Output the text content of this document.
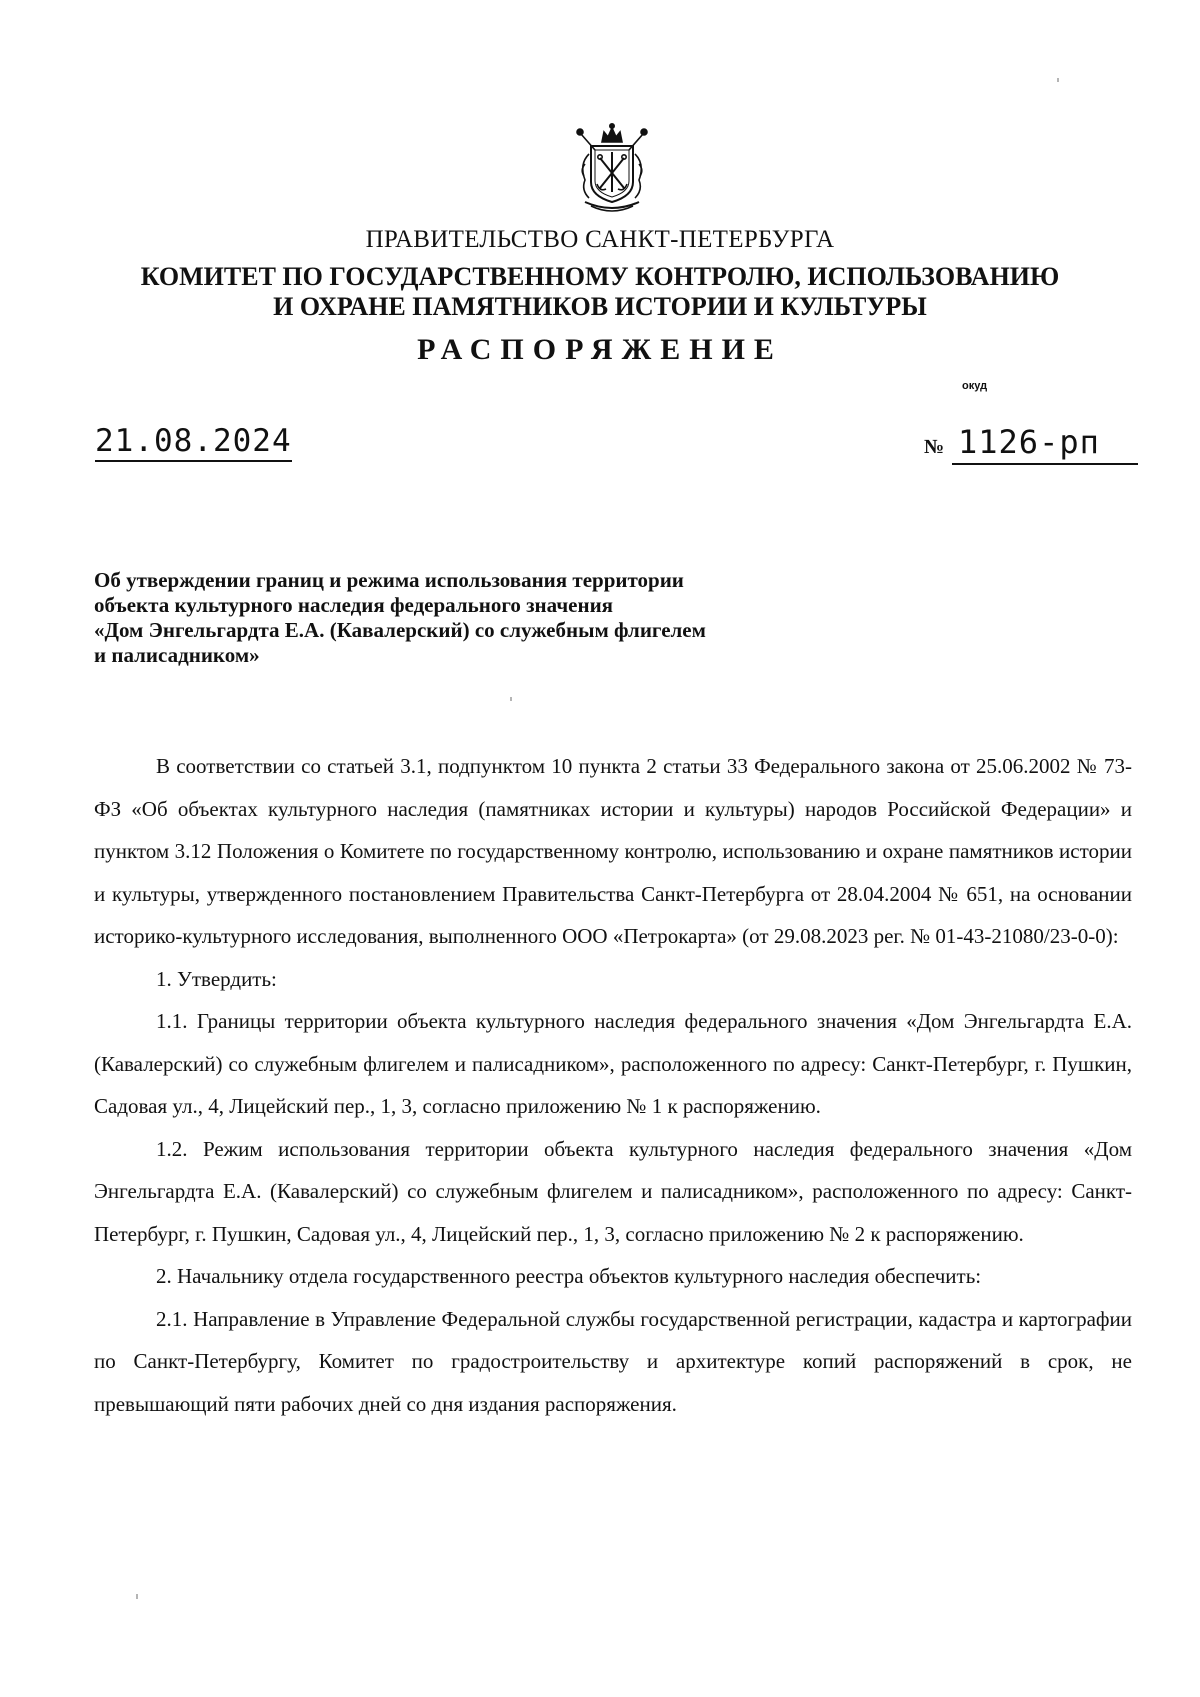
ПРАВИТЕЛЬСТВО САНКТ-ПЕТЕРБУРГА
КОМИТЕТ ПО ГОСУДАРСТВЕННОМУ КОНТРОЛЮ, ИСПОЛЬЗОВАНИЮ
И ОХРАНЕ ПАМЯТНИКОВ ИСТОРИИ И КУЛЬТУРЫ
РАСПОРЯЖЕНИЕ
окуд
21.08.2024	№ 1126-рп
Об утверждении границ и режима использования территории
объекта культурного наследия федерального значения
«Дом Энгельгардта Е.А. (Кавалерский) со служебным флигелем
и палисадником»

В соответствии со статьей 3.1, подпунктом 10 пункта 2 статьи 33 Федерального закона от 25.06.2002 № 73-ФЗ «Об объектах культурного наследия (памятниках истории и культуры) народов Российской Федерации» и пунктом 3.12 Положения о Комитете по государственному контролю, использованию и охране памятников истории и культуры, утвержденного постановлением Правительства Санкт-Петербурга от 28.04.2004 № 651, на основании историко-культурного исследования, выполненного ООО «Петрокарта» (от 29.08.2023 рег. № 01-43-21080/23-0-0):

1. Утвердить:

1.1. Границы территории объекта культурного наследия федерального значения «Дом Энгельгардта Е.А. (Кавалерский) со служебным флигелем и палисадником», расположенного по адресу: Санкт-Петербург, г. Пушкин, Садовая ул., 4, Лицейский пер., 1, 3, согласно приложению № 1 к распоряжению.

1.2. Режим использования территории объекта культурного наследия федерального значения «Дом Энгельгардта Е.А. (Кавалерский) со служебным флигелем и палисадником», расположенного по адресу: Санкт-Петербург, г. Пушкин, Садовая ул., 4, Лицейский пер., 1, 3, согласно приложению № 2 к распоряжению.

2. Начальнику отдела государственного реестра объектов культурного наследия обеспечить:

2.1. Направление в Управление Федеральной службы государственной регистрации, кадастра и картографии по Санкт-Петербургу, Комитет по градостроительству и архитектуре копий распоряжений в срок, не превышающий пяти рабочих дней со дня издания распоряжения.
